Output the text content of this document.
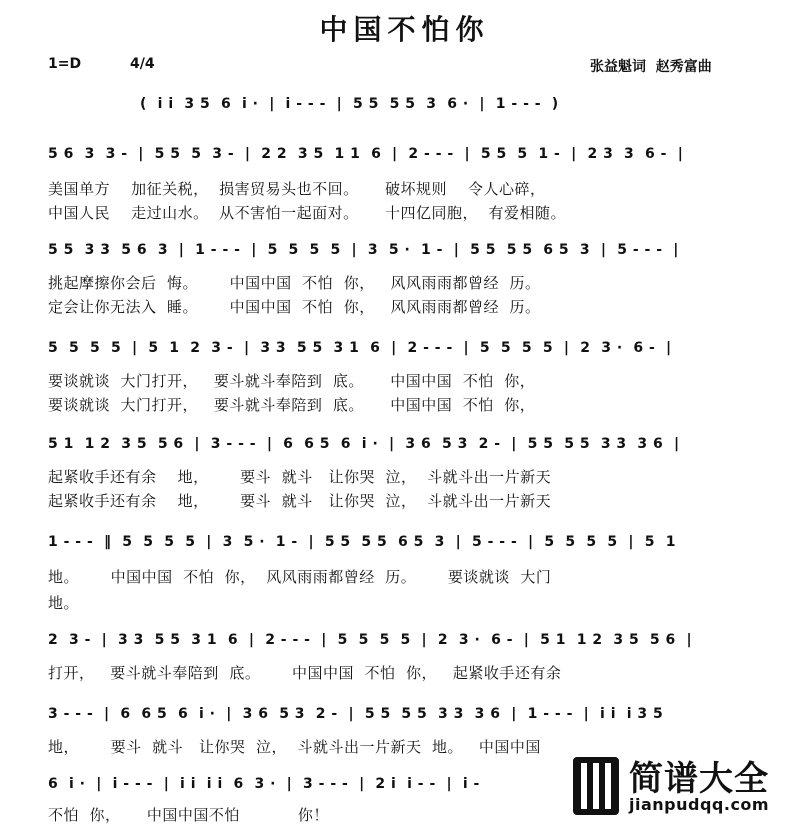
中国不怕你
1=D	4/4	张益魁词  赵秀富曲
(  i i  3 5  6  i ·  |  i - - -  |  5 5  5 5  3  6 ·  |  1 - - -  )
5 6  3  3 -  |  5 5  5  3 -  |  2 2  3 5  1 1  6  |  2 - - -  |  5 5  5  1 -  |  2 3  3  6 -  |
美国单方    加征关税，  损害贸易头也不回。     破坏规则    令人心碎，
中国人民    走过山水。  从不害怕一起面对。     十四亿同胞，  有爱相随。
5 5  3 3  5 6  3  |  1 - - -  |  5  5  5  5  |  3  5 ·  1 -  |  5 5  5 5  6 5  3  |  5 - - -  |
挑起摩擦你会后  悔。      中国中国  不怕  你，   风风雨雨都曾经  历。
定会让你无法入  睡。      中国中国  不怕  你，   风风雨雨都曾经  历。
5  5  5  5  |  5  1  2  3 -  |  3 3  5 5  3 1  6  |  2 - - -  |  5  5  5  5  |  2  3 ·  6 -  |
要谈就谈  大门打开，   要斗就斗奉陪到  底。     中国中国  不怕  你，
要谈就谈  大门打开，   要斗就斗奉陪到  底。     中国中国  不怕  你，
5 1  1 2  3 5  5 6  |  3 - - -  |  6  6 5  6  i ·  |  3 6  5 3  2 -  |  5 5  5 5  3 3  3 6  |
起紧收手还有余    地，      要斗  就斗   让你哭  泣，  斗就斗出一片新天
起紧收手还有余    地，      要斗  就斗   让你哭  泣，  斗就斗出一片新天
1 - - -  ‖  5  5  5  5  |  3  5 ·  1 -  |  5 5  5 5  6 5  3  |  5 - - -  |  5  5  5  5  |  5  1
地。      中国中国  不怕  你，  风风雨雨都曾经  历。      要谈就谈  大门
地。
2  3 -  |  3 3  5 5  3 1  6  |  2 - - -  |  5  5  5  5  |  2  3 ·  6 -  |  5 1  1 2  3 5  5 6  |
打开，   要斗就斗奉陪到  底。      中国中国  不怕  你，   起紧收手还有余
3 - - -  |  6  6 5  6  i ·  |  3 6  5 3  2 -  |  5 5  5 5  3 3  3 6  |  1 - - -  |  i i  i 3 5
地，      要斗  就斗   让你哭  泣，  斗就斗出一片新天  地。   中国中国
6  i ·  |  i - - -  |  i i  i i  6  3 ·  |  3 - - -  |  2 i  i - -  |  i -
不怕  你，     中国中国不怕           你！

简谱大全

jianpudqq.com
